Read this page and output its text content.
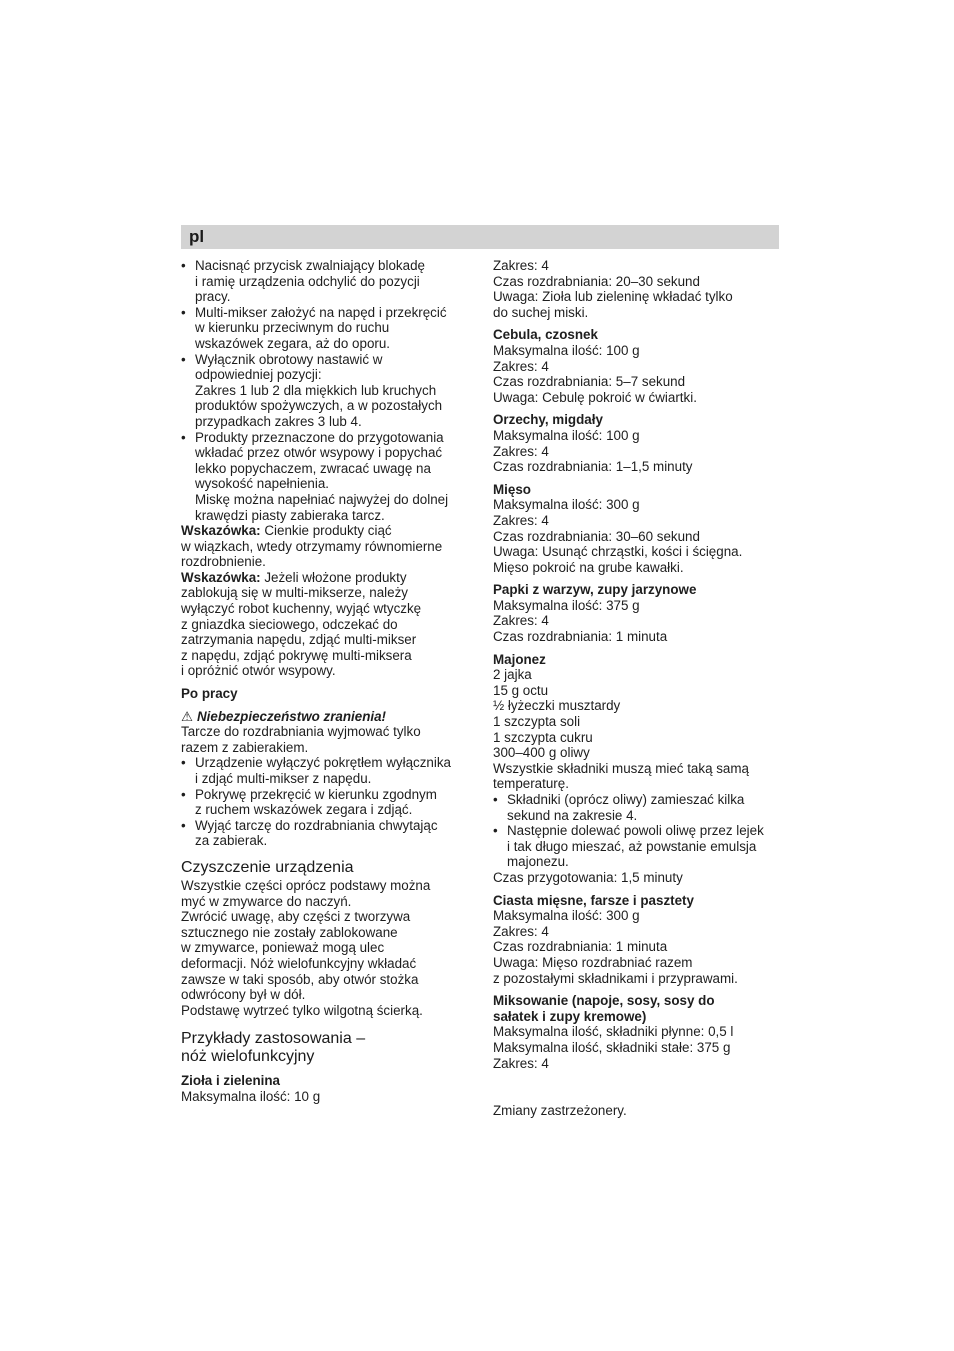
pl
• Nacisnąć przycisk zwalniający blokadę
i ramię urządzenia odchylić do pozycji
pracy.
• Multi-mikser założyć na napęd i przekręcić
w kierunku przeciwnym do ruchu
wskazówek zegara, aż do oporu.
• Wyłącznik obrotowy nastawić w
odpowiedniej pozycji:
Zakres 1 lub 2 dla miękkich lub kruchych
produktów spożywczych, a w pozostałych
przypadkach zakres 3 lub 4.
• Produkty przeznaczone do przygotowania
wkładać przez otwór wsypowy i popychać
lekko popychaczem, zwracać uwagę na
wysokość napełnienia.
Miskę można napełniać najwyżej do dolnej
krawędzi piasty zabieraka tarcz.

Wskazówka: Cienkie produkty ciąć

w wiązkach, wtedy otrzymamy równomierne
rozdrobnienie.

Wskazówka: Jeżeli włożone produkty

zablokują się w multi-mikserze, należy
wyłączyć robot kuchenny, wyjąć wtyczkę
z gniazdka sieciowego, odczekać do
zatrzymania napędu, zdjąć multi-mikser
z napędu, zdjąć pokrywę multi-miksera
i opróżnić otwór wsypowy.

Po pracy

⚠ Niebezpieczeństwo zranienia!

Tarcze do rozdrabniania wyjmować tylko
razem z zabierakiem.
• Urządzenie wyłączyć pokrętłem wyłącznika
i zdjąć multi-mikser z napędu.
• Pokrywę przekręcić w kierunku zgodnym
z ruchem wskazówek zegara i zdjąć.
• Wyjąć tarczę do rozdrabniania chwytając
za zabierak.
Czyszczenie urządzenia
Wszystkie części oprócz podstawy można
myć w zmywarce do naczyń.
Zwrócić uwagę, aby części z tworzywa
sztucznego nie zostały zablokowane
w zmywarce, ponieważ mogą ulec
deformacji. Nóż wielofunkcyjny wkładać
zawsze w taki sposób, aby otwór stożka
odwrócony był w dół.
Podstawę wytrzeć tylko wilgotną ścierką.
Przykłady zastosowania –
nóż wielofunkcyjny

Zioła i zielenina

Maksymalna ilość: 10 g
Zakres: 4
Czas rozdrabniania: 20–30 sekund
Uwaga: Zioła lub zieleninę wkładać tylko
do suchej miski.

Cebula, czosnek

Maksymalna ilość: 100 g
Zakres: 4
Czas rozdrabniania: 5–7 sekund
Uwaga: Cebulę pokroić w ćwiartki.

Orzechy, migdały

Maksymalna ilość: 100 g
Zakres: 4
Czas rozdrabniania: 1–1,5 minuty

Mięso

Maksymalna ilość: 300 g
Zakres: 4
Czas rozdrabniania: 30–60 sekund
Uwaga: Usunąć chrząstki, kości i ścięgna.
Mięso pokroić na grube kawałki.

Papki z warzyw, zupy jarzynowe

Maksymalna ilość: 375 g
Zakres: 4
Czas rozdrabniania: 1 minuta

Majonez

2 jajka
15 g octu
½ łyżeczki musztardy
1 szczypta soli
1 szczypta cukru
300–400 g oliwy
Wszystkie składniki muszą mieć taką samą
temperaturę.
• Składniki (oprócz oliwy) zamieszać kilka
sekund na zakresie 4.
• Następnie dolewać powoli oliwę przez lejek
i tak długo mieszać, aż powstanie emulsja
majonezu.

Czas przygotowania: 1,5 minuty

Ciasta mięsne, farsze i pasztety

Maksymalna ilość: 300 g
Zakres: 4
Czas rozdrabniania: 1 minuta
Uwaga: Mięso rozdrabniać razem
z pozostałymi składnikami i przyprawami.

Miksowanie (napoje, sosy, sosy do
sałatek i zupy kremowe)

Maksymalna ilość, składniki płynne: 0,5 l
Maksymalna ilość, składniki stałe: 375 g
Zakres: 4

Zmiany zastrzeżonery.
